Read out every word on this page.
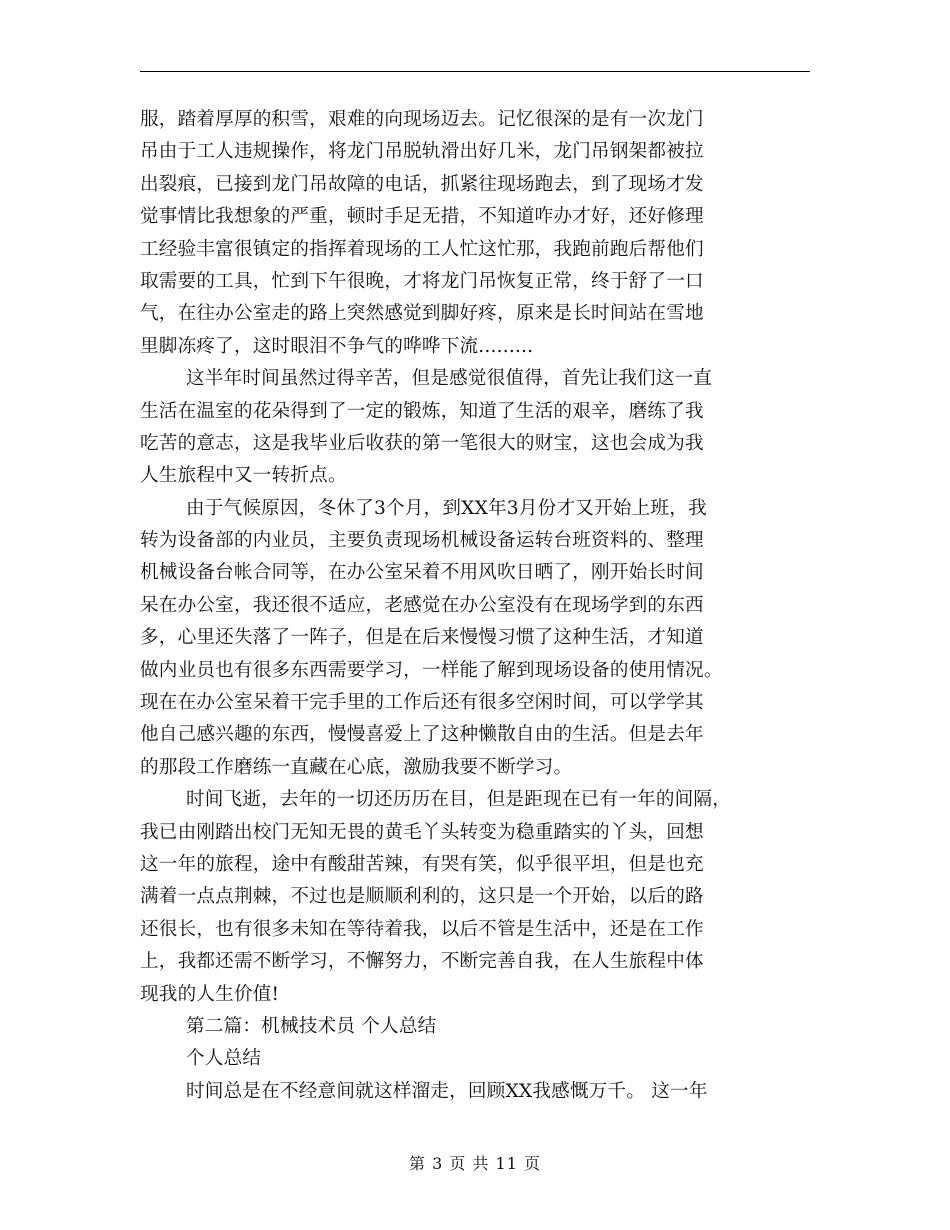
服，踏着厚厚的积雪，艰难的向现场迈去。记忆很深的是有一次龙门
吊由于工人违规操作，将龙门吊脱轨滑出好几米，龙门吊钢架都被拉
出裂痕，已接到龙门吊故障的电话，抓紧往现场跑去，到了现场才发
觉事情比我想象的严重，顿时手足无措，不知道咋办才好，还好修理
工经验丰富很镇定的指挥着现场的工人忙这忙那，我跑前跑后帮他们
取需要的工具，忙到下午很晚，才将龙门吊恢复正常，终于舒了一口
气，在往办公室走的路上突然感觉到脚好疼，原来是长时间站在雪地
里脚冻疼了，这时眼泪不争气的哗哗下流.........
这半年时间虽然过得辛苦，但是感觉很值得，首先让我们这一直
生活在温室的花朵得到了一定的锻炼，知道了生活的艰辛，磨练了我
吃苦的意志，这是我毕业后收获的第一笔很大的财宝，这也会成为我
人生旅程中又一转折点。
由于气候原因，冬休了3个月，到XX年3月份才又开始上班，我
转为设备部的内业员，主要负责现场机械设备运转台班资料的、整理
机械设备台帐合同等，在办公室呆着不用风吹日晒了，刚开始长时间
呆在办公室，我还很不适应，老感觉在办公室没有在现场学到的东西
多，心里还失落了一阵子，但是在后来慢慢习惯了这种生活，才知道
做内业员也有很多东西需要学习，一样能了解到现场设备的使用情况。
现在在办公室呆着干完手里的工作后还有很多空闲时间，可以学学其
他自己感兴趣的东西，慢慢喜爱上了这种懒散自由的生活。但是去年
的那段工作磨练一直藏在心底，激励我要不断学习。
时间飞逝，去年的一切还历历在目，但是距现在已有一年的间隔，
我已由刚踏出校门无知无畏的黄毛丫头转变为稳重踏实的丫头，回想
这一年的旅程，途中有酸甜苦辣，有哭有笑，似乎很平坦，但是也充
满着一点点荆棘，不过也是顺顺利利的，这只是一个开始，以后的路
还很长，也有很多未知在等待着我，以后不管是生活中，还是在工作
上，我都还需不断学习，不懈努力，不断完善自我，在人生旅程中体
现我的人生价值!
第二篇：机械技术员 个人总结
个人总结
时间总是在不经意间就这样溜走，回顾XX我感慨万千。 这一年
第 3 页 共 11 页
